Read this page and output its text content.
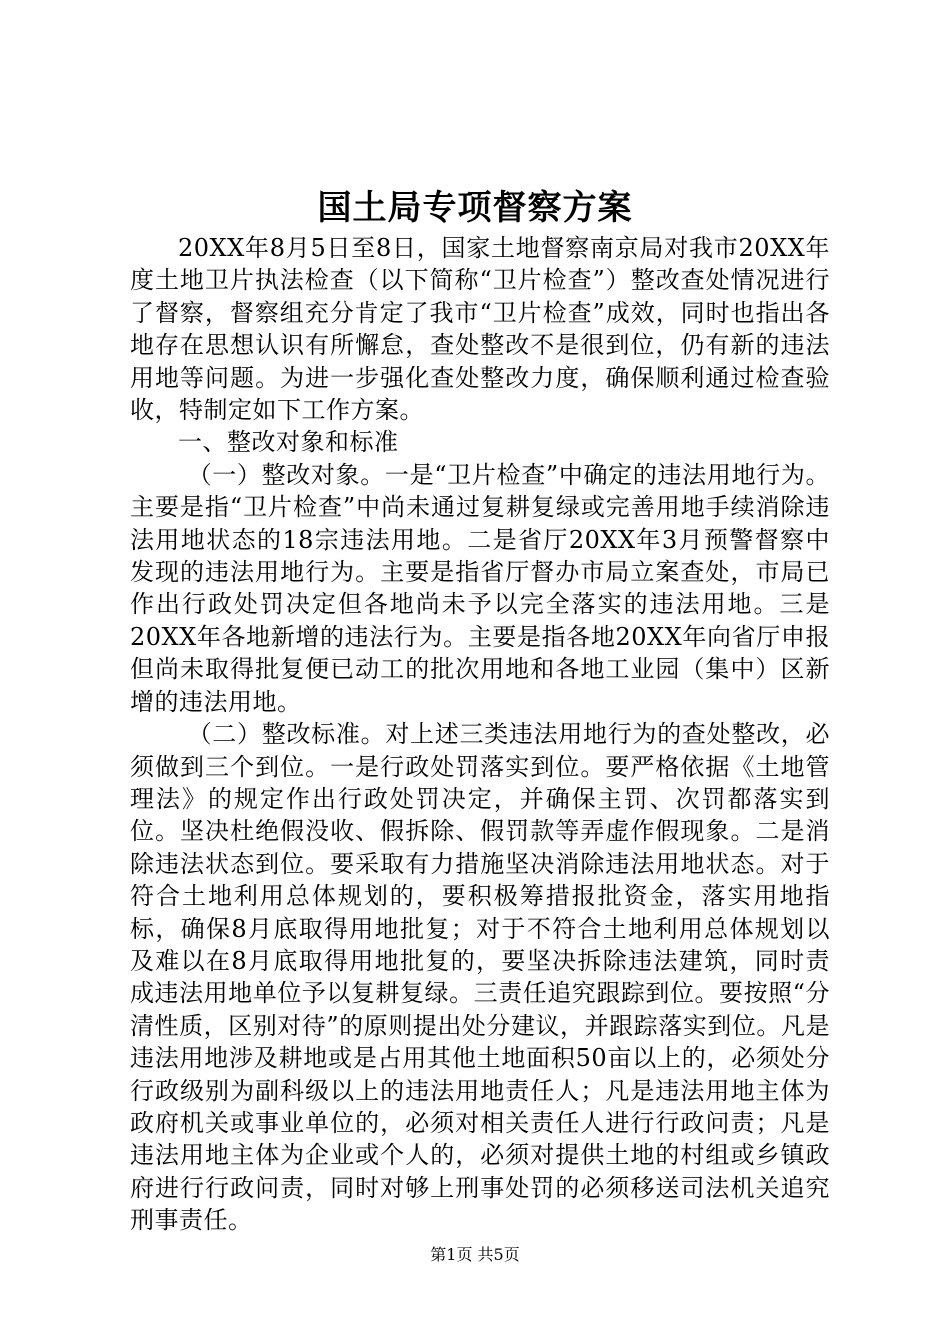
国土局专项督察方案

20XX年8月5日至8日，国家土地督察南京局对我市20XX年度土地卫片执法检查（以下简称“卫片检查”）整改查处情况进行了督察，督察组充分肯定了我市“卫片检查”成效，同时也指出各地存在思想认识有所懈怠，查处整改不是很到位，仍有新的违法用地等问题。为进一步强化查处整改力度，确保顺利通过检查验收，特制定如下工作方案。

一、整改对象和标准

（一）整改对象。一是“卫片检查”中确定的违法用地行为。主要是指“卫片检查”中尚未通过复耕复绿或完善用地手续消除违法用地状态的18宗违法用地。二是省厅20XX年3月预警督察中发现的违法用地行为。主要是指省厅督办市局立案查处，市局已作出行政处罚决定但各地尚未予以完全落实的违法用地。三是20XX年各地新增的违法行为。主要是指各地20XX年向省厅申报但尚未取得批复便已动工的批次用地和各地工业园（集中）区新增的违法用地。

（二）整改标准。对上述三类违法用地行为的查处整改，必须做到三个到位。一是行政处罚落实到位。要严格依据《土地管理法》的规定作出行政处罚决定，并确保主罚、次罚都落实到位。坚决杜绝假没收、假拆除、假罚款等弄虚作假现象。二是消除违法状态到位。要采取有力措施坚决消除违法用地状态。对于符合土地利用总体规划的，要积极筹措报批资金，落实用地指标，确保8月底取得用地批复；对于不符合土地利用总体规划以及难以在8月底取得用地批复的，要坚决拆除违法建筑，同时责成违法用地单位予以复耕复绿。三责任追究跟踪到位。要按照“分清性质，区别对待”的原则提出处分建议，并跟踪落实到位。凡是违法用地涉及耕地或是占用其他土地面积50亩以上的，必须处分行政级别为副科级以上的违法用地责任人；凡是违法用地主体为政府机关或事业单位的，必须对相关责任人进行行政问责；凡是违法用地主体为企业或个人的，必须对提供土地的村组或乡镇政府进行行政问责，同时对够上刑事处罚的必须移送司法机关追究刑事责任。

第1页 共5页
